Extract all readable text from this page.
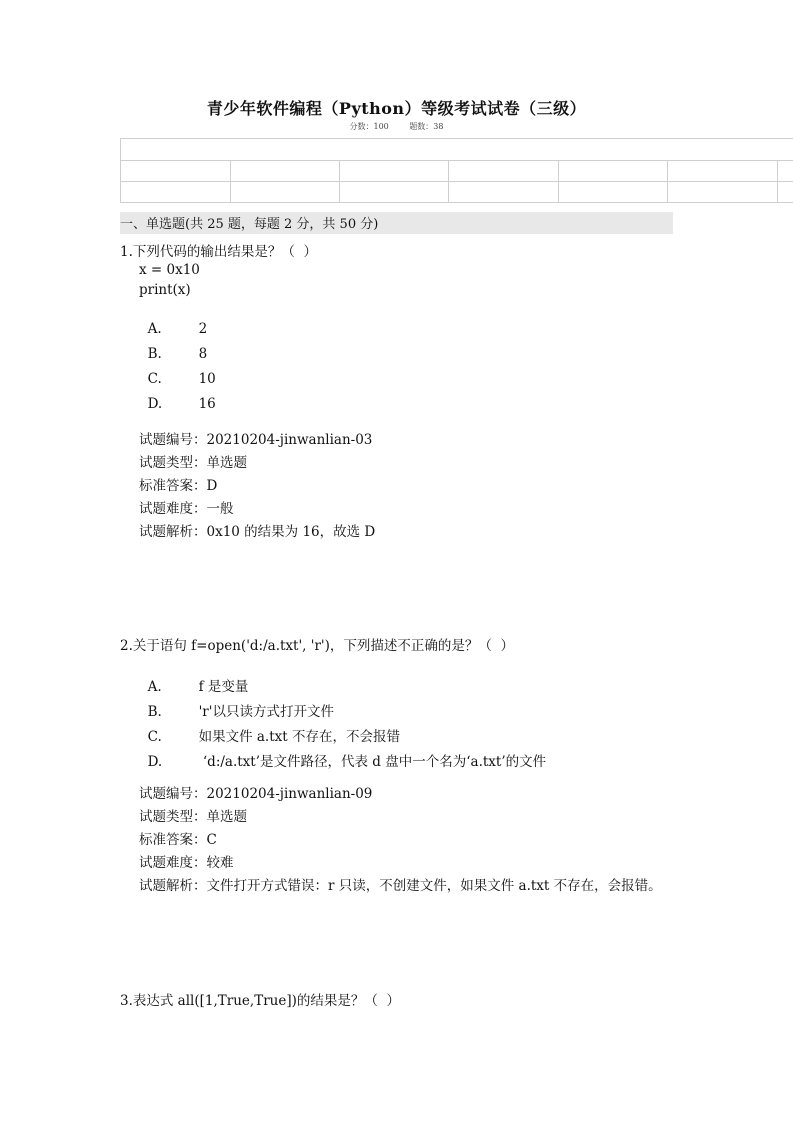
青少年软件编程（Python）等级考试试卷（三级）
分数：100	题数：38
一、单选题(共 25 题，每题 2 分，共 50 分)
1.下列代码的输出结果是？（  ）
x = 0x10
print(x)

A.	2

B.	8

C.	10

D.	16

试题编号：20210204-jinwanlian-03
试题类型：单选题
标准答案：D
试题难度：一般
试题解析：0x10 的结果为 16，故选 D
2.关于语句 f=open('d:/a.txt', 'r')，下列描述不正确的是？（  ）

A.	f 是变量

B.	'r'以只读方式打开文件

C.	如果文件 a.txt 不存在，不会报错

D.	‘d:/a.txt’是文件路径，代表 d 盘中一个名为‘a.txt’的文件

试题编号：20210204-jinwanlian-09
试题类型：单选题
标准答案：C
试题难度：较难
试题解析：文件打开方式错误：r 只读，不创建文件，如果文件 a.txt 不存在，会报错。
3.表达式 all([1,True,True])的结果是？（  ）
